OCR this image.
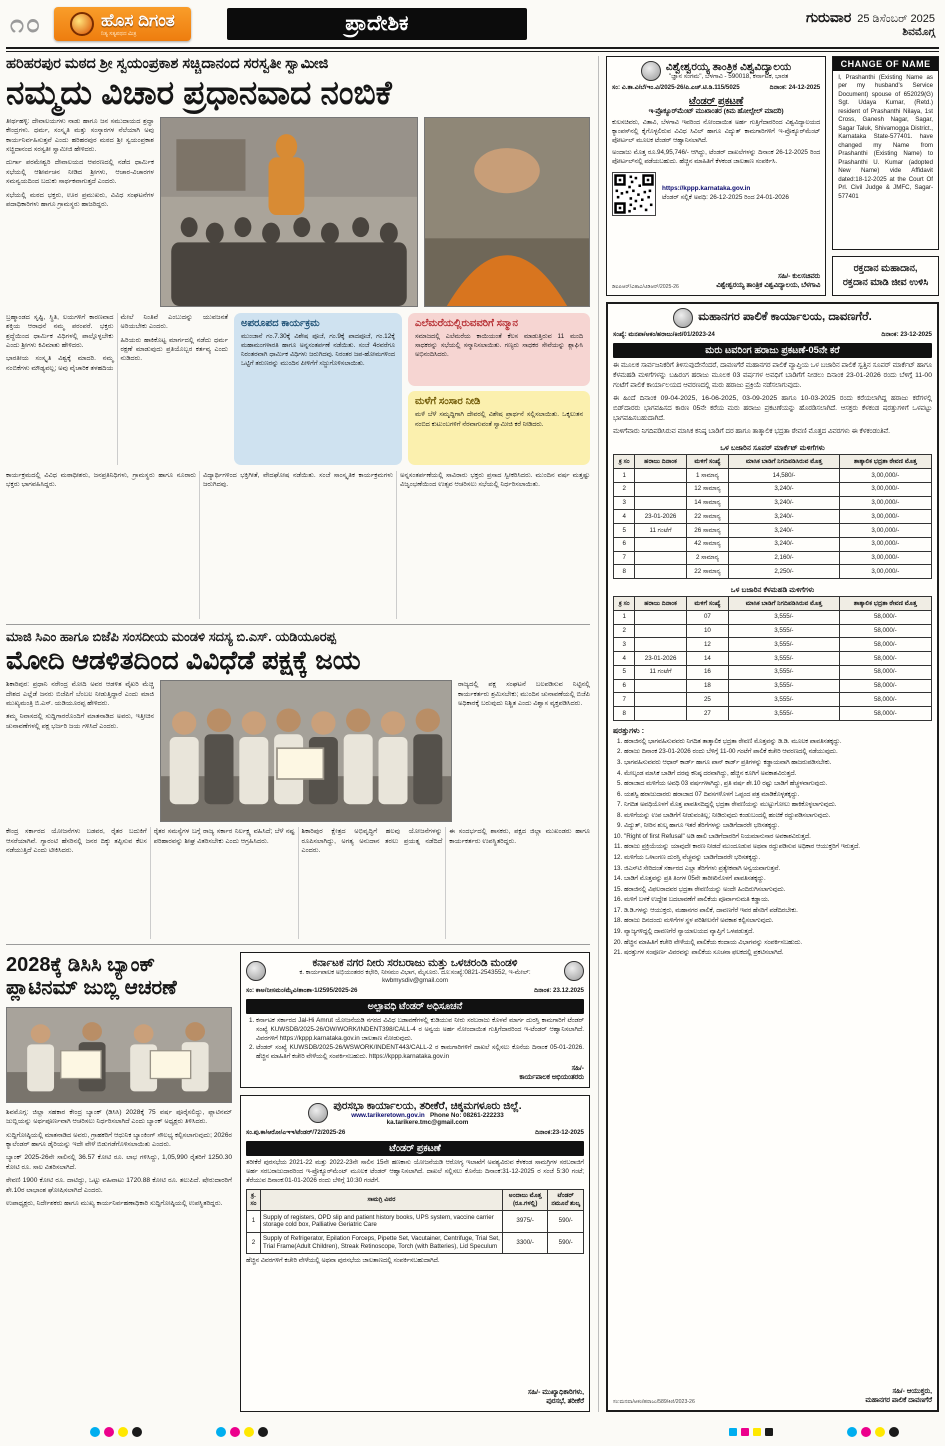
೧೦	ಹೊಸ ದಿಗಂತ
ನಿತ್ಯ ಸತ್ಯಪಥದ ಮಿತ್ರ	ಪ್ರಾದೇಶಿಕ	ಗುರುವಾರ 25 ಡಿಸೆಂಬರ್ 2025
ಶಿವಮೊಗ್ಗ
ಹರಿಹರಪುರ ಮಠದ ಶ್ರೀ ಸ್ವಯಂಪ್ರಕಾಶ ಸಚ್ಚಿದಾನಂದ ಸರಸ್ವತೀ ಸ್ವಾಮೀಜಿ
ನಮ್ಮದು ವಿಚಾರ ಪ್ರಧಾನವಾದ ನಂಬಿಕೆ

ತೀರ್ಥಹಳ್ಳಿ: ದೇವಾಲಯಗಳು ನಾಡು ಹಾಗೂ ಜನ ಸಮುದಾಯದ ಶ್ರದ್ಧಾ ಕೇಂದ್ರಗಳು. ಧರ್ಮ, ಸಂಸ್ಕೃತಿ ಮತ್ತು ಸಂಸ್ಕಾರಗಳ ನೆಲೆಯಾಗಿ ಅವು ಕಾರ್ಯನಿರ್ವಹಿಸುತ್ತವೆ ಎಂದು ಹರಿಹರಪುರ ಮಠದ ಶ್ರೀ ಸ್ವಯಂಪ್ರಕಾಶ ಸಚ್ಚಿದಾನಂದ ಸರಸ್ವತೀ ಸ್ವಾಮೀಜಿ ಹೇಳಿದರು.

ದುರ್ಗಾ ಪರಮೇಶ್ವರಿ ದೇವಾಲಯದ ಆವರಣದಲ್ಲಿ ನಡೆದ ಧಾರ್ಮಿಕ ಸಭೆಯಲ್ಲಿ ಆಶೀರ್ವಚನ ನೀಡಿದ ಶ್ರೀಗಳು, ಆಚಾರ-ವಿಚಾರಗಳ ಸಮನ್ವಯದಿಂದ ಬದುಕು ಸಾರ್ಥಕವಾಗುತ್ತದೆ ಎಂದರು.

ಸಭೆಯಲ್ಲಿ ಮಠದ ಭಕ್ತರು, ಊರ ಪ್ರಮುಖರು, ವಿವಿಧ ಸಂಘಟನೆಗಳ ಪದಾಧಿಕಾರಿಗಳು ಹಾಗೂ ಗ್ರಾಮಸ್ಥರು ಹಾಜರಿದ್ದರು.

ಬ್ರಹ್ಮಾಂಡದ ಸೃಷ್ಟಿ, ಸ್ಥಿತಿ, ಲಯಗಳಿಗೆ ಕಾರಣವಾದ ಶಕ್ತಿಯ ಆರಾಧನೆ ನಮ್ಮ ಪರಂಪರೆ. ಭಕ್ತರು ಶ್ರದ್ಧೆಯಿಂದ ಧಾರ್ಮಿಕ ವಿಧಿಗಳಲ್ಲಿ ಪಾಲ್ಗೊಳ್ಳಬೇಕು ಎಂದು ಶ್ರೀಗಳು ಕಿವಿಮಾತು ಹೇಳಿದರು.

ಭಾರತೀಯ ಸಂಸ್ಕೃತಿ ವಿಶ್ವಕ್ಕೆ ಮಾದರಿ. ನಮ್ಮ ನಂಬಿಕೆಗಳು ಮೌಢ್ಯವಲ್ಲ; ಅವು ವೈಚಾರಿಕ ತಳಹದಿಯ ಮೇಲೆ ನಿಂತಿವೆ ಎಂಬುದನ್ನು ಯುವಜನತೆ ಅರಿಯಬೇಕು ಎಂದರು.

ಹಿರಿಯರು ಹಾಕಿಕೊಟ್ಟ ಮಾರ್ಗದಲ್ಲಿ ನಡೆದು ಧರ್ಮ ರಕ್ಷಣೆ ಮಾಡುವುದು ಪ್ರತಿಯೊಬ್ಬರ ಕರ್ತವ್ಯ ಎಂದು ನುಡಿದರು.

ಅಪರೂಪದ ಕಾರ್ಯಕ್ರಮ

ಮುಂಜಾನೆ ಗಂ.7.30ಕ್ಕೆ ವಿಶೇಷ ಪೂಜೆ, ಗಂ.9ಕ್ಕೆ ಪಾದಪೂಜೆ, ಗಂ.12ಕ್ಕೆ ಮಹಾಮಂಗಳಾರತಿ ಹಾಗೂ ಅನ್ನಸಂತರ್ಪಣೆ ನಡೆಯಿತು. ಸಂಜೆ 4ರವರೆಗೂ ನಿರಂತರವಾಗಿ ಧಾರ್ಮಿಕ ವಿಧಿಗಳು ಜರುಗಿದವು. ನಿರಂತರ ಜಪ-ಹೋಮಗಳಿಂದ ಒಟ್ಟಿಗೆ ತರುಣರನ್ನು ಮುಂದಿನ ಪೀಳಿಗೆಗೆ ಸಜ್ಜುಗೊಳಿಸಲಾಯಿತು.

ಎಲೆಮರೆಯಲ್ಲಿರುವವರಿಗೆ ಸನ್ಮಾನ

ಸಮಾಜದಲ್ಲಿ ಎಲೆಮರೆಯ ಕಾಯಿಯಂತೆ ಕೆಲಸ ಮಾಡುತ್ತಿರುವ 11 ಮಂದಿ ಸಾಧಕರನ್ನು ಸಭೆಯಲ್ಲಿ ಸನ್ಮಾನಿಸಲಾಯಿತು. ಗಣ್ಯರು ಸಾಧಕರ ಸೇವೆಯನ್ನು ಶ್ಲಾಘಿಸಿ ಅಭಿನಂದಿಸಿದರು.

ಮಳೆಗೆ ಸಂಸಾರ ನೀಡಿ

ಮಳೆ ಬೆಳೆ ಸಮೃದ್ಧಿಗಾಗಿ ದೇವರಲ್ಲಿ ವಿಶೇಷ ಪ್ರಾರ್ಥನೆ ಸಲ್ಲಿಸಲಾಯಿತು. ಒಕ್ಕಲುತನ ನಂಬಿದ ಕುಟುಂಬಗಳಿಗೆ ನೆರವಾಗುವಂತೆ ಸ್ವಾಮೀಜಿ ಕರೆ ನೀಡಿದರು.

ಕಾರ್ಯಕ್ರಮದಲ್ಲಿ ವಿವಿಧ ಮಠಾಧೀಶರು, ಜನಪ್ರತಿನಿಧಿಗಳು, ಗ್ರಾಮಸ್ಥರು ಹಾಗೂ ನೂರಾರು ಭಕ್ತರು ಭಾಗವಹಿಸಿದ್ದರು.

ವಿದ್ಯಾರ್ಥಿಗಳಿಂದ ಭಕ್ತಿಗೀತೆ, ವೇದಘೋಷ ನಡೆಯಿತು. ಸಂಜೆ ಸಾಂಸ್ಕೃತಿಕ ಕಾರ್ಯಕ್ರಮಗಳು ಜರುಗಿದವು.

ಅನ್ನಸಂತರ್ಪಣೆಯಲ್ಲಿ ಸಾವಿರಾರು ಭಕ್ತರು ಪ್ರಸಾದ ಸ್ವೀಕರಿಸಿದರು. ಮುಂದಿನ ವರ್ಷ ಮತ್ತಷ್ಟು ವಿಜೃಂಭಣೆಯಿಂದ ಉತ್ಸವ ಆಚರಿಸಲು ಸಭೆಯಲ್ಲಿ ನಿರ್ಧರಿಸಲಾಯಿತು.

ಮಾಜಿ ಸಿಎಂ ಹಾಗೂ ಬಿಜೆಪಿ ಸಂಸದೀಯ ಮಂಡಳಿ ಸದಸ್ಯ ಬಿ.ಎಸ್. ಯಡಿಯೂರಪ್ಪ
ಮೋದಿ ಆಡಳಿತದಿಂದ ವಿವಿಧೆಡೆ ಪಕ್ಷಕ್ಕೆ ಜಯ

ಶಿಕಾರಿಪುರ: ಪ್ರಧಾನಿ ನರೇಂದ್ರ ಮೋದಿ ಅವರ ಆಡಳಿತ ವೈಖರಿ ಮೆಚ್ಚಿ ದೇಶದ ಎಲ್ಲೆಡೆ ಜನರು ಬಿಜೆಪಿಗೆ ಬೆಂಬಲ ನೀಡುತ್ತಿದ್ದಾರೆ ಎಂದು ಮಾಜಿ ಮುಖ್ಯಮಂತ್ರಿ ಬಿ.ಎಸ್. ಯಡಿಯೂರಪ್ಪ ಹೇಳಿದರು.

ತಮ್ಮ ನಿವಾಸದಲ್ಲಿ ಸುದ್ದಿಗಾರರೊಂದಿಗೆ ಮಾತನಾಡಿದ ಅವರು, ಇತ್ತೀಚಿನ ಚುನಾವಣೆಗಳಲ್ಲಿ ಪಕ್ಷ ಭರ್ಜರಿ ಜಯ ಗಳಿಸಿದೆ ಎಂದರು.

ರಾಜ್ಯದಲ್ಲಿ ಪಕ್ಷ ಸಂಘಟನೆ ಬಲಪಡಿಸುವ ನಿಟ್ಟಿನಲ್ಲಿ ಕಾರ್ಯಕರ್ತರು ಶ್ರಮಿಸಬೇಕು; ಮುಂದಿನ ಚುನಾವಣೆಯಲ್ಲಿ ಬಿಜೆಪಿ ಅಧಿಕಾರಕ್ಕೆ ಬರುವುದು ನಿಶ್ಚಿತ ಎಂದು ವಿಶ್ವಾಸ ವ್ಯಕ್ತಪಡಿಸಿದರು.

ಕೇಂದ್ರ ಸರ್ಕಾರದ ಯೋಜನೆಗಳು ಬಡವರ, ರೈತರ ಬದುಕಿಗೆ ಆಸರೆಯಾಗಿವೆ. ಗ್ಯಾರಂಟಿ ಹೆಸರಿನಲ್ಲಿ ಜನರ ದಿಕ್ಕು ತಪ್ಪಿಸುವ ಕೆಲಸ ನಡೆಯುತ್ತಿದೆ ಎಂದು ಟೀಕಿಸಿದರು.

ರೈತರ ಸಮಸ್ಯೆಗಳ ಬಗ್ಗೆ ರಾಜ್ಯ ಸರ್ಕಾರ ನಿರ್ಲಕ್ಷ್ಯ ವಹಿಸಿದೆ; ಬೆಳೆ ನಷ್ಟ ಪರಿಹಾರವನ್ನು ಶೀಘ್ರ ವಿತರಿಸಬೇಕು ಎಂದು ಆಗ್ರಹಿಸಿದರು.

ಶಿಕಾರಿಪುರ ಕ್ಷೇತ್ರದ ಅಭಿವೃದ್ಧಿಗೆ ಹಲವು ಯೋಜನೆಗಳನ್ನು ರೂಪಿಸಲಾಗಿದ್ದು, ಅಗತ್ಯ ಅನುದಾನ ತರಲು ಪ್ರಯತ್ನ ನಡೆದಿದೆ ಎಂದರು.

ಈ ಸಂದರ್ಭದಲ್ಲಿ ಶಾಸಕರು, ಪಕ್ಷದ ಜಿಲ್ಲಾ ಮುಖಂಡರು ಹಾಗೂ ಕಾರ್ಯಕರ್ತರು ಉಪಸ್ಥಿತರಿದ್ದರು.

2028ಕ್ಕೆ ಡಿಸಿಸಿ ಬ್ಯಾಂಕ್ ಪ್ಲಾಟಿನಮ್ ಜುಬ್ಲಿ ಆಚರಣೆ

ಶಿವಮೊಗ್ಗ: ಜಿಲ್ಲಾ ಸಹಕಾರ ಕೇಂದ್ರ ಬ್ಯಾಂಕ್ (ಡಿಸಿಸಿ) 2028ಕ್ಕೆ 75 ವರ್ಷ ಪೂರೈಸಲಿದ್ದು, ಪ್ಲಾಟಿನಮ್ ಜುಬ್ಲಿಯನ್ನು ಅರ್ಥಪೂರ್ಣವಾಗಿ ಆಚರಿಸಲು ನಿರ್ಧರಿಸಲಾಗಿದೆ ಎಂದು ಬ್ಯಾಂಕ್ ಅಧ್ಯಕ್ಷರು ತಿಳಿಸಿದರು.

ಸುದ್ದಿಗೋಷ್ಠಿಯಲ್ಲಿ ಮಾತನಾಡಿದ ಅವರು, ಗ್ರಾಹಕರಿಗೆ ಆಧುನಿಕ ಬ್ಯಾಂಕಿಂಗ್ ಸೌಲಭ್ಯ ಕಲ್ಪಿಸಲಾಗುವುದು; 2026ರ ಕ್ಯಾಲೆಂಡರ್ ಹಾಗೂ ಡೈರಿಯನ್ನು ಇದೇ ವೇಳೆ ಬಿಡುಗಡೆಗೊಳಿಸಲಾಯಿತು ಎಂದರು.

ಬ್ಯಾಂಕ್ 2025-26ನೇ ಸಾಲಿನಲ್ಲಿ 36.57 ಕೋಟಿ ರೂ. ಲಾಭ ಗಳಿಸಿದ್ದು, 1,05,990 ರೈತರಿಗೆ 1250.30 ಕೋಟಿ ರೂ. ಸಾಲ ವಿತರಿಸಲಾಗಿದೆ.

ಠೇವಣಿ 1900 ಕೋಟಿ ರೂ. ದಾಟಿದ್ದು, ಒಟ್ಟು ವಹಿವಾಟು 1720.88 ಕೋಟಿ ರೂ. ತಲುಪಿದೆ. ಷೇರುದಾರರಿಗೆ ಶೇ.10ರ ಲಾಭಾಂಶ ಘೋಷಿಸಲಾಗಿದೆ ಎಂದರು.

ಉಪಾಧ್ಯಕ್ಷರು, ನಿರ್ದೇಶಕರು ಹಾಗೂ ಮುಖ್ಯ ಕಾರ್ಯನಿರ್ವಹಣಾಧಿಕಾರಿ ಸುದ್ದಿಗೋಷ್ಠಿಯಲ್ಲಿ ಉಪಸ್ಥಿತರಿದ್ದರು.

ಕರ್ನಾಟಕ ನಗರ ನೀರು ಸರಬರಾಜು ಮತ್ತು ಒಳಚರಂಡಿ ಮಂಡಳಿ
ಕ. ಕಾರ್ಯಪಾಲಕ ಅಭಿಯಂತರರ ಕಛೇರಿ, ನೀಸಮಂ ವಿಭಾಗ, ಮೈಸೂರು. ದೂ:ಸಂಖ್ಯೆ:0821-2543552, ಇ-ಮೇಲ್: kwbmysdiv@gmail.com
ಸಂ: ಕಾಅ/ನೀಸಮಂ/ಮೈವಿ/ತಾಂಶಾ-1/2595/2025-26	ದಿನಾಂಕ: 23.12.2025
ಅಲ್ಪಾವಧಿ ಟೆಂಡರ್ ಅಧಿಸೂಚನೆ
1. ಕರ್ನಾಟಕ ಸರ್ಕಾರದ Jal-Hi Amrut ಯೋಜನೆಯಡಿ ನಗರದ ವಿವಿಧ ಬಡಾವಣೆಗಳಲ್ಲಿ ಕುಡಿಯುವ ನೀರು ಸರಬರಾಜು ಕೊಳವೆ ಮಾರ್ಗ ದುರಸ್ತಿ ಕಾಮಗಾರಿಗೆ ಟೆಂಡರ್ ಸಂಖ್ಯೆ KUWSDB/2025-26/OW/WORK/INDENT398/CALL-4 ರ ಅನ್ವಯ ಅರ್ಹ ನೋಂದಾಯಿತ ಗುತ್ತಿಗೆದಾರರಿಂದ ಇ-ಟೆಂಡರ್ ಆಹ್ವಾನಿಸಲಾಗಿದೆ. ವಿವರಗಳಿಗೆ https://kppp.karnataka.gov.in ಜಾಲತಾಣ ನೋಡುವುದು.
2. ಟೆಂಡರ್ ಸಂಖ್ಯೆ KUWSDB/2025-26/WSWORK/INDENT443/CALL-2 ರ ಕಾಮಗಾರಿಗಳಿಗೆ ದಾಖಲೆ ಸಲ್ಲಿಸಲು ಕೊನೆಯ ದಿನಾಂಕ 05-01-2026. ಹೆಚ್ಚಿನ ಮಾಹಿತಿಗೆ ಕಚೇರಿ ವೇಳೆಯಲ್ಲಿ ಸಂಪರ್ಕಿಸಬಹುದು. https://kppp.karnataka.gov.in
ಸಹಿ/-
ಕಾರ್ಯಪಾಲಕ ಅಭಿಯಂತರರು
ಪುರಸಭಾ ಕಾರ್ಯಾಲಯ, ತರೀಕೆರೆ, ಚಿಕ್ಕಮಗಳೂರು ಜಿಲ್ಲೆ.
www.tarikeretown.gov.in Phone No: 08261-222233
ka.tarikere.tmc@gmail.com
ಸಂ.ಪು.ಕಾ/ಆರೋ/ಎಇಇ/ಟೆಂಡರ್/72/2025-26	ದಿನಾಂಕ:23-12-2025
ಟೆಂಡರ್ ಪ್ರಕಟಣೆ

ತರೀಕೆರೆ ಪುರಸಭೆಯ 2021-22 ಮತ್ತು 2022-23ನೇ ಸಾಲಿನ 15ನೇ ಹಣಕಾಸು ಯೋಜನೆಯಡಿ ಆರೋಗ್ಯ ಇಲಾಖೆಗೆ ಅವಶ್ಯವಿರುವ ಕೆಳಕಂಡ ಸಾಮಗ್ರಿಗಳ ಸರಬರಾಜಿಗೆ ಅರ್ಹ ಸರಬರಾಜುದಾರರಿಂದ ಇ-ಪ್ರೊಕ್ಯೂರ್‌ಮೆಂಟ್ ಮೂಲಕ ಟೆಂಡರ್ ಆಹ್ವಾನಿಸಲಾಗಿದೆ. ದಾಖಲೆ ಸಲ್ಲಿಸಲು ಕೊನೆಯ ದಿನಾಂಕ:31-12-2025 ರ ಸಂಜೆ 5:30 ಗಂಟೆ; ತೆರೆಯುವ ದಿನಾಂಕ:01-01-2026 ರಂದು ಬೆಳಿಗ್ಗೆ 10:30 ಗಂಟೆಗೆ.

ಕ್ರ. ಸಂ	ಸಾಮಗ್ರಿ ವಿವರ	ಅಂದಾಜು ಮೊತ್ತ (ರೂ.ಗಳಲ್ಲಿ)	ಟೆಂಡರ್ ನಮೂನೆ ಶುಲ್ಕ
1	Supply of registers, OPD slip and patient history books, UPS system, vaccine carrier storage cold box, Palliative Geriatric Care	3975/-	590/-
2	Supply of Refrigerator, Epilation Forceps, Pipette Set, Vacutainer, Centrifuge, Trial Set, Trial Frame(Adult Children), Streak Retinoscope, Torch (with Batteries), Lid Speculum	3300/-	590/-

ಹೆಚ್ಚಿನ ವಿವರಗಳಿಗೆ ಕಚೇರಿ ವೇಳೆಯಲ್ಲಿ ಅಥವಾ ಪುರಸಭೆಯ ಜಾಲತಾಣದಲ್ಲಿ ಸಂಪರ್ಕಿಸಬಹುದಾಗಿದೆ.

ಸಹಿ/- ಮುಖ್ಯಾಧಿಕಾರಿಗಳು,
ಪುರಸಭೆ, ತರೀಕೆರೆ
ವಿಶ್ವೇಶ್ವರಯ್ಯ ತಾಂತ್ರಿಕ ವಿಶ್ವವಿದ್ಯಾಲಯ
"ಜ್ಞಾನ ಸಂಗಮ", ಬೆಳಗಾವಿ - 590018, ಕರ್ನಾಟಕ, ಭಾರತ
ಸಂ: ವಿ.ತಾ.ವಿ/ಬೆ/ಇಂ.ವಿ/2025-26/ಪಿ.ಎಚ್.ಟಿ.ಡಿ.115/5025	ದಿನಾಂಕ: 24-12-2025
ಟೆಂಡರ್ ಪ್ರಕಟಣೆ
ಇ-ಪ್ರೊಕ್ಯೂರ್‌ಮೆಂಟ್ ಮುಖಾಂತರ (ಕಿಮ ಹೋಲ್ಸೇಲ್ ಮಾದರಿ)

ಕುಲಸಚಿವರು, ವಿತಾವಿ, ಬೆಳಗಾವಿ ಇವರಿಂದ ನೋಂದಾಯಿತ ಅರ್ಹ ಗುತ್ತಿಗೆದಾರರಿಂದ ವಿಶ್ವವಿದ್ಯಾಲಯದ ಕ್ಯಾಂಪಸ್‌ನಲ್ಲಿ ಕೈಗೊಳ್ಳಲಿರುವ ವಿವಿಧ ಸಿವಿಲ್ ಹಾಗೂ ವಿದ್ಯುತ್ ಕಾಮಗಾರಿಗಳಿಗೆ ಇ-ಪ್ರೊಕ್ಯೂರ್‌ಮೆಂಟ್ ಪೋರ್ಟಲ್ ಮೂಲಕ ಟೆಂಡರ್ ಆಹ್ವಾನಿಸಲಾಗಿದೆ.

ಅಂದಾಜು ಮೊತ್ತ ರೂ.94,95,746/- ಆಗಿದ್ದು, ಟೆಂಡರ್ ದಾಖಲೆಗಳನ್ನು ದಿನಾಂಕ 26-12-2025 ರಿಂದ ಪೋರ್ಟಲ್‌ನಲ್ಲಿ ಪಡೆಯಬಹುದು. ಹೆಚ್ಚಿನ ಮಾಹಿತಿಗೆ ಕೆಳಕಂಡ ಜಾಲತಾಣ ಸಂಪರ್ಕಿಸಿ.

https://kppp.karnataka.gov.in
ಟೆಂಡರ್ ಸಲ್ಲಿಕೆ ಅವಧಿ: 26-12-2025 ರಿಂದ 24-01-2026
ಡಿಐಪಿಆರ್/ವಿತಾವಿ/ಟಿಡಿಆರ್/2025-26
ಸಹಿ/- ಕುಲಸಚಿವರು
ವಿಶ್ವೇಶ್ವರಯ್ಯ ತಾಂತ್ರಿಕ ವಿಶ್ವವಿದ್ಯಾಲಯ, ಬೆಳಗಾವಿ
CHANGE OF NAME
I, Prashanthi (Existing Name as per my husband's Service Document) spouse of 652029(G) Sgt. Udaya Kumar, (Retd.) resident of Prashanthi Nilaya, 1st Cross, Ganesh Nagar, Sagar, Sagar Taluk, Shivamogga District., Karnataka State-577401. have changed my Name from Prashanthi (Existing Name) to Prashanthi U. Kumar (adopted New Name) vide Affidavit dated:18-12-2025 at the Court Of Prl. Civil Judge & JMFC, Sagar-577401
ರಕ್ತದಾನ ಮಹಾದಾನ,
ರಕ್ತದಾನ ಮಾಡಿ ಜೀವ ಉಳಿಸಿ
ಮಹಾನಗರ ಪಾಲಿಕೆ ಕಾರ್ಯಾಲಯ, ದಾವಣಗೆರೆ.
ಸಂಖ್ಯೆ: ಮನಪಾ/ಆಕಂ/ಹರಾಜು/ಕಿಣಿ/01/2023-24	ದಿನಾಂಕ: 23-12-2025
ಮರು ಟವರಿಂಗ ಹರಾಜು ಪ್ರಕಟಣೆ-05ನೇ ಕರೆ

ಈ ಮೂಲಕ ಸಾರ್ವಜನಿಕರಿಗೆ ತಿಳಿಸುವುದೇನೆಂದರೆ, ದಾವಣಗೆರೆ ಮಹಾನಗರ ಪಾಲಿಕೆ ವ್ಯಾಪ್ತಿಯ ಒಳ ಬಜಾರಿನ ಪಾಲಿಕೆ ಸ್ವತ್ತಿನ ಸೂಪರ್ ಮಾರ್ಕೆಟ್ ಹಾಗೂ ಕೆಳಮಹಡಿ ಮಳಿಗೆಗಳನ್ನು ಬಹಿರಂಗ ಹರಾಜು ಮೂಲಕ 03 ವರ್ಷಗಳ ಅವಧಿಗೆ ಬಾಡಿಗೆಗೆ ನೀಡಲು ದಿನಾಂಕ 23-01-2026 ರಂದು ಬೆಳಿಗ್ಗೆ 11-00 ಗಂಟೆಗೆ ಪಾಲಿಕೆ ಕಾರ್ಯಾಲಯದ ಆವರಣದಲ್ಲಿ ಮರು ಹರಾಜು ಪ್ರಕ್ರಿಯೆ ನಡೆಸಲಾಗುವುದು.

ಈ ಹಿಂದೆ ದಿನಾಂಕ 09-04-2025, 16-06-2025, 03-09-2025 ಹಾಗೂ 10-03-2025 ರಂದು ಕರೆಯಲಾಗಿದ್ದ ಹರಾಜು ಕರೆಗಳಲ್ಲಿ ಬಿಡ್‌ದಾರರು ಭಾಗವಹಿಸದ ಕಾರಣ 05ನೇ ಕರೆಯ ಮರು ಹರಾಜು ಪ್ರಕಟಣೆಯನ್ನು ಹೊರಡಿಸಲಾಗಿದೆ. ಆಸಕ್ತರು ಕೆಳಕಂಡ ಷರತ್ತುಗಳಿಗೆ ಒಳಪಟ್ಟು ಭಾಗವಹಿಸಬಹುದಾಗಿದೆ.

ಮಳಿಗೆವಾರು ನಿಗದಿಪಡಿಸಿರುವ ಮಾಸಿಕ ಕನಿಷ್ಠ ಬಾಡಿಗೆ ದರ ಹಾಗೂ ತಾತ್ಕಾಲಿಕ ಭದ್ರತಾ ಠೇವಣಿ ಮೊತ್ತದ ವಿವರಗಳು ಈ ಕೆಳಕಂಡಂತಿವೆ.

ಒಳ ಬಜಾರಿನ ಸೂಪರ್ ಮಾರ್ಕೆಟ್ ಮಳಿಗೆಗಳು
ಕ್ರ ಸಂ	ಹರಾಜು ದಿನಾಂಕ	ಮಳಿಗೆ ಸಂಖ್ಯೆ	ಮಾಸಿಕ ಬಾಡಿಗೆ ನಿಗದಿಪಡಿಸಿರುವ ಮೊತ್ತ	ತಾತ್ಕಾಲಿಕ ಭದ್ರತಾ ಠೇವಣಿ ಮೊತ್ತ
1		1 ಸಾಮಾನ್ಯ	14,580/-	3,00,000/-
2		12 ಸಾಮಾನ್ಯ	3,240/-	3,00,000/-
3		14 ಸಾಮಾನ್ಯ	3,240/-	3,00,000/-
4	23-01-2026	22 ಸಾಮಾನ್ಯ	3,240/-	3,00,000/-
5	11 ಗಂಟೆಗೆ	26 ಸಾಮಾನ್ಯ	3,240/-	3,00,000/-
6		42 ಸಾಮಾನ್ಯ	3,240/-	3,00,000/-
7		2 ಸಾಮಾನ್ಯ	2,160/-	3,00,000/-
8		22 ಸಾಮಾನ್ಯ	2,250/-	3,00,000/-
ಒಳ ಬಜಾರಿನ ಕೆಳಮಹಡಿ ಮಳಿಗೆಗಳು
ಕ್ರ ಸಂ	ಹರಾಜು ದಿನಾಂಕ	ಮಳಿಗೆ ಸಂಖ್ಯೆ	ಮಾಸಿಕ ಬಾಡಿಗೆ ನಿಗದಿಪಡಿಸಿರುವ ಮೊತ್ತ	ತಾತ್ಕಾಲಿಕ ಭದ್ರತಾ ಠೇವಣಿ ಮೊತ್ತ
1		07	3,555/-	58,000/-
2		10	3,555/-	58,000/-
3		12	3,555/-	58,000/-
4	23-01-2026	14	3,555/-	58,000/-
5	11 ಗಂಟೆಗೆ	16	3,555/-	58,000/-
6		18	3,555/-	58,000/-
7		25	3,555/-	58,000/-
8		27	3,555/-	58,000/-
ಷರತ್ತುಗಳು :
1. ಹರಾಜಿನಲ್ಲಿ ಭಾಗವಹಿಸುವವರು ನಿಗದಿತ ತಾತ್ಕಾಲಿಕ ಭದ್ರತಾ ಠೇವಣಿ ಮೊತ್ತವನ್ನು ಡಿ.ಡಿ. ಮೂಲಕ ಪಾವತಿಸತಕ್ಕದ್ದು.
2. ಹರಾಜು ದಿನಾಂಕ 23-01-2026 ರಂದು ಬೆಳಿಗ್ಗೆ 11-00 ಗಂಟೆಗೆ ಪಾಲಿಕೆ ಕಚೇರಿ ಆವರಣದಲ್ಲಿ ನಡೆಯುವುದು.
3. ಭಾಗವಹಿಸುವವರು ಆಧಾರ್ ಕಾರ್ಡ್ ಹಾಗೂ ಪಾನ್ ಕಾರ್ಡ್ ಪ್ರತಿಗಳನ್ನು ಕಡ್ಡಾಯವಾಗಿ ಹಾಜರುಪಡಿಸಬೇಕು.
4. ಮೇಲ್ಕಂಡ ಮಾಸಿಕ ಬಾಡಿಗೆ ದರವು ಕನಿಷ್ಠ ದರವಾಗಿದ್ದು, ಹೆಚ್ಚಿನ ಕೂಗಿಗೆ ಅವಕಾಶವಿರುತ್ತದೆ.
5. ಹರಾಜಾದ ಮಳಿಗೆಯ ಅವಧಿ 03 ವರ್ಷಗಳಾಗಿದ್ದು, ಪ್ರತಿ ವರ್ಷ ಶೇ.10 ರಷ್ಟು ಬಾಡಿಗೆ ಹೆಚ್ಚಳವಾಗುವುದು.
6. ಯಶಸ್ವಿ ಹರಾಜುದಾರರು ಹರಾಜಾದ 07 ದಿವಸಗಳೊಳಗೆ ಒಪ್ಪಂದ ಪತ್ರ ಮಾಡಿಕೊಳ್ಳತಕ್ಕದ್ದು.
7. ನಿಗದಿತ ಅವಧಿಯೊಳಗೆ ಮೊತ್ತ ಪಾವತಿಸದಿದ್ದಲ್ಲಿ ಭದ್ರತಾ ಠೇವಣಿಯನ್ನು ಮುಟ್ಟುಗೋಲು ಹಾಕಿಕೊಳ್ಳಲಾಗುವುದು.
8. ಮಳಿಗೆಯನ್ನು ಉಪ ಬಾಡಿಗೆಗೆ ನೀಡುವಂತಿಲ್ಲ; ನೀಡಿರುವುದು ಕಂಡುಬಂದಲ್ಲಿ ಹಂಚಿಕೆ ರದ್ದುಪಡಿಸಲಾಗುವುದು.
9. ವಿದ್ಯುತ್, ನೀರಿನ ಶುಲ್ಕ ಹಾಗೂ ಇತರೆ ತೆರಿಗೆಗಳನ್ನು ಬಾಡಿಗೆದಾರರೇ ಭರಿಸತಕ್ಕದ್ದು.
10. "Right of first Refusal" ಅಡಿ ಹಾಲಿ ಬಾಡಿಗೆದಾರರಿಗೆ ನಿಯಮಾನುಸಾರ ಅವಕಾಶವಿರುತ್ತದೆ.
11. ಹರಾಜು ಪ್ರಕ್ರಿಯೆಯನ್ನು ಯಾವುದೇ ಕಾರಣ ನೀಡದೆ ಮುಂದೂಡುವ ಅಥವಾ ರದ್ದುಪಡಿಸುವ ಅಧಿಕಾರ ಆಯುಕ್ತರಿಗೆ ಇರುತ್ತದೆ.
12. ಮಳಿಗೆಯ ಒಳಾಂಗಣ ದುರಸ್ತಿ ವೆಚ್ಚವನ್ನು ಬಾಡಿಗೆದಾರರೇ ಭರಿಸತಕ್ಕದ್ದು.
13. ಜಿಎಸ್‌ಟಿ ಸೇರಿದಂತೆ ಸರ್ಕಾರದ ಎಲ್ಲಾ ತೆರಿಗೆಗಳು ಪ್ರತ್ಯೇಕವಾಗಿ ಅನ್ವಯವಾಗುತ್ತವೆ.
14. ಬಾಡಿಗೆ ಮೊತ್ತವನ್ನು ಪ್ರತಿ ತಿಂಗಳ 05ನೇ ತಾರೀಖಿನೊಳಗೆ ಪಾವತಿಸತಕ್ಕದ್ದು.
15. ಹರಾಜಿನಲ್ಲಿ ವಿಫಲರಾದವರ ಭದ್ರತಾ ಠೇವಣಿಯನ್ನು ಅಂದೇ ಹಿಂದಿರುಗಿಸಲಾಗುವುದು.
16. ಮಳಿಗೆ ಬಳಕೆ ಉದ್ದೇಶ ಬದಲಾವಣೆಗೆ ಪಾಲಿಕೆಯ ಪೂರ್ವಾನುಮತಿ ಕಡ್ಡಾಯ.
17. ಡಿ.ಡಿ.ಗಳನ್ನು ಆಯುಕ್ತರು, ಮಹಾನಗರ ಪಾಲಿಕೆ, ದಾವಣಗೆರೆ ಇವರ ಹೆಸರಿಗೆ ಪಡೆದಿರಬೇಕು.
18. ಹರಾಜು ದಿನದಂದು ಮಳಿಗೆಗಳ ಸ್ಥಳ ಪರಿಶೀಲನೆಗೆ ಅವಕಾಶ ಕಲ್ಪಿಸಲಾಗುವುದು.
19. ವ್ಯಾಜ್ಯಗಳಿದ್ದಲ್ಲಿ ದಾವಣಗೆರೆ ನ್ಯಾಯಾಲಯದ ವ್ಯಾಪ್ತಿಗೆ ಒಳಪಡುತ್ತದೆ.
20. ಹೆಚ್ಚಿನ ಮಾಹಿತಿಗೆ ಕಚೇರಿ ವೇಳೆಯಲ್ಲಿ ಪಾಲಿಕೆಯ ಕಂದಾಯ ವಿಭಾಗವನ್ನು ಸಂಪರ್ಕಿಸಬಹುದು.
21. ಷರತ್ತುಗಳ ಸಂಪೂರ್ಣ ವಿವರವನ್ನು ಪಾಲಿಕೆಯ ಸೂಚನಾ ಫಲಕದಲ್ಲಿ ಪ್ರಕಟಿಸಲಾಗಿದೆ.
ಸಂ:ಮನಪಾ/ಆಕಂ/ಹರಾಜು/589/ಕಿಣಿ/2023-26
ಸಹಿ/- ಆಯುಕ್ತರು,
ಮಹಾನಗರ ಪಾಲಿಕೆ ದಾವಣಗೆರೆ
